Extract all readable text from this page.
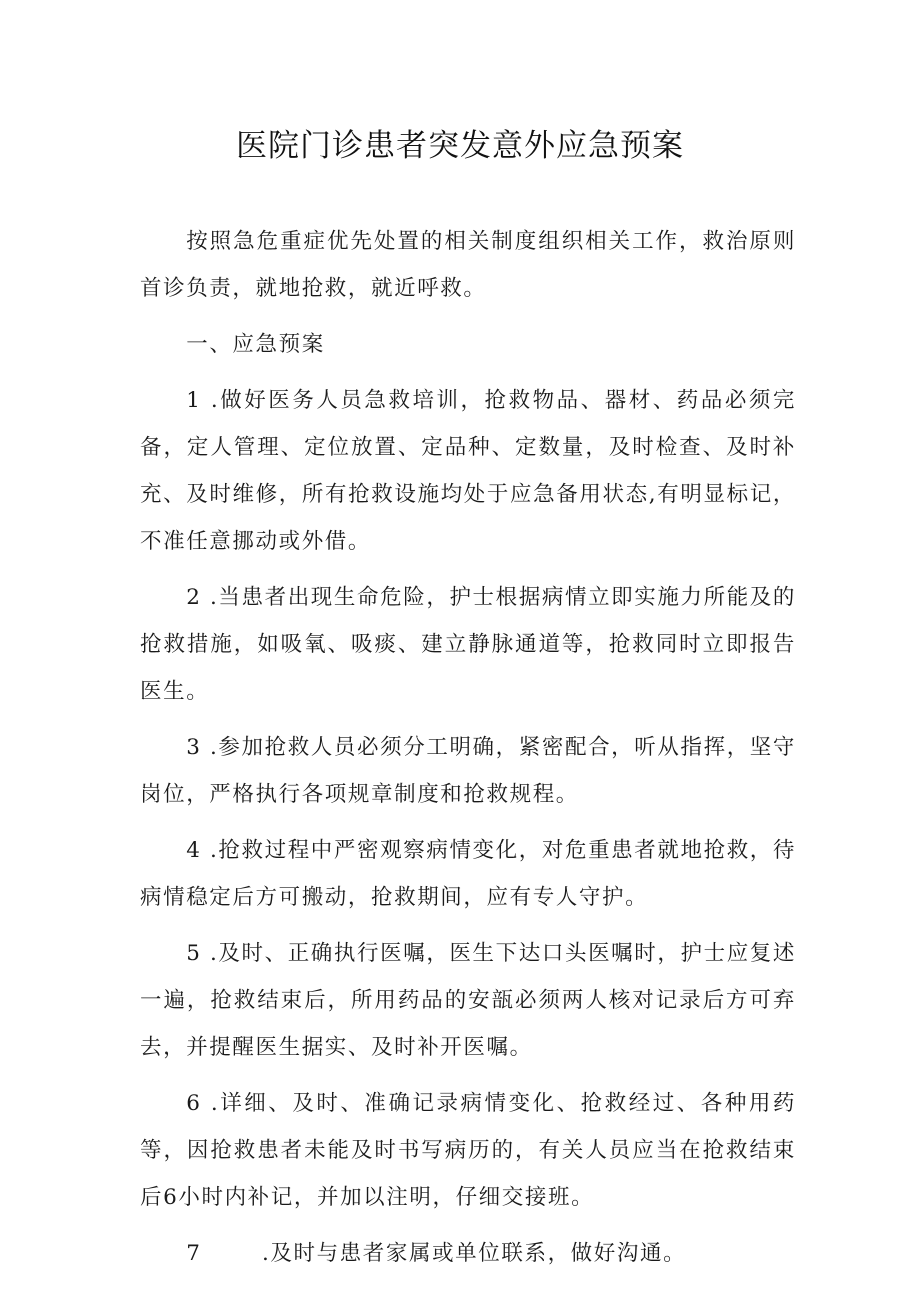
医院门诊患者突发意外应急预案

按照急危重症优先处置的相关制度组织相关工作，救治原则首诊负责，就地抢救，就近呼救。

一、应急预案

1 .做好医务人员急救培训，抢救物品、器材、药品必须完备，定人管理、定位放置、定品种、定数量，及时检查、及时补充、及时维修，所有抢救设施均处于应急备用状态,有明显标记，不准任意挪动或外借。

2 .当患者出现生命危险，护士根据病情立即实施力所能及的抢救措施，如吸氧、吸痰、建立静脉通道等，抢救同时立即报告医生。

3 .参加抢救人员必须分工明确，紧密配合，听从指挥，坚守岗位，严格执行各项规章制度和抢救规程。

4 .抢救过程中严密观察病情变化，对危重患者就地抢救，待病情稳定后方可搬动，抢救期间，应有专人守护。

5 .及时、正确执行医嘱，医生下达口头医嘱时，护士应复述一遍，抢救结束后，所用药品的安瓿必须两人核对记录后方可弃去，并提醒医生据实、及时补开医嘱。

6 .详细、及时、准确记录病情变化、抢救经过、各种用药等，因抢救患者未能及时书写病历的，有关人员应当在抢救结束后6小时内补记，并加以注明，仔细交接班。

7	.及时与患者家属或单位联系，做好沟通。
